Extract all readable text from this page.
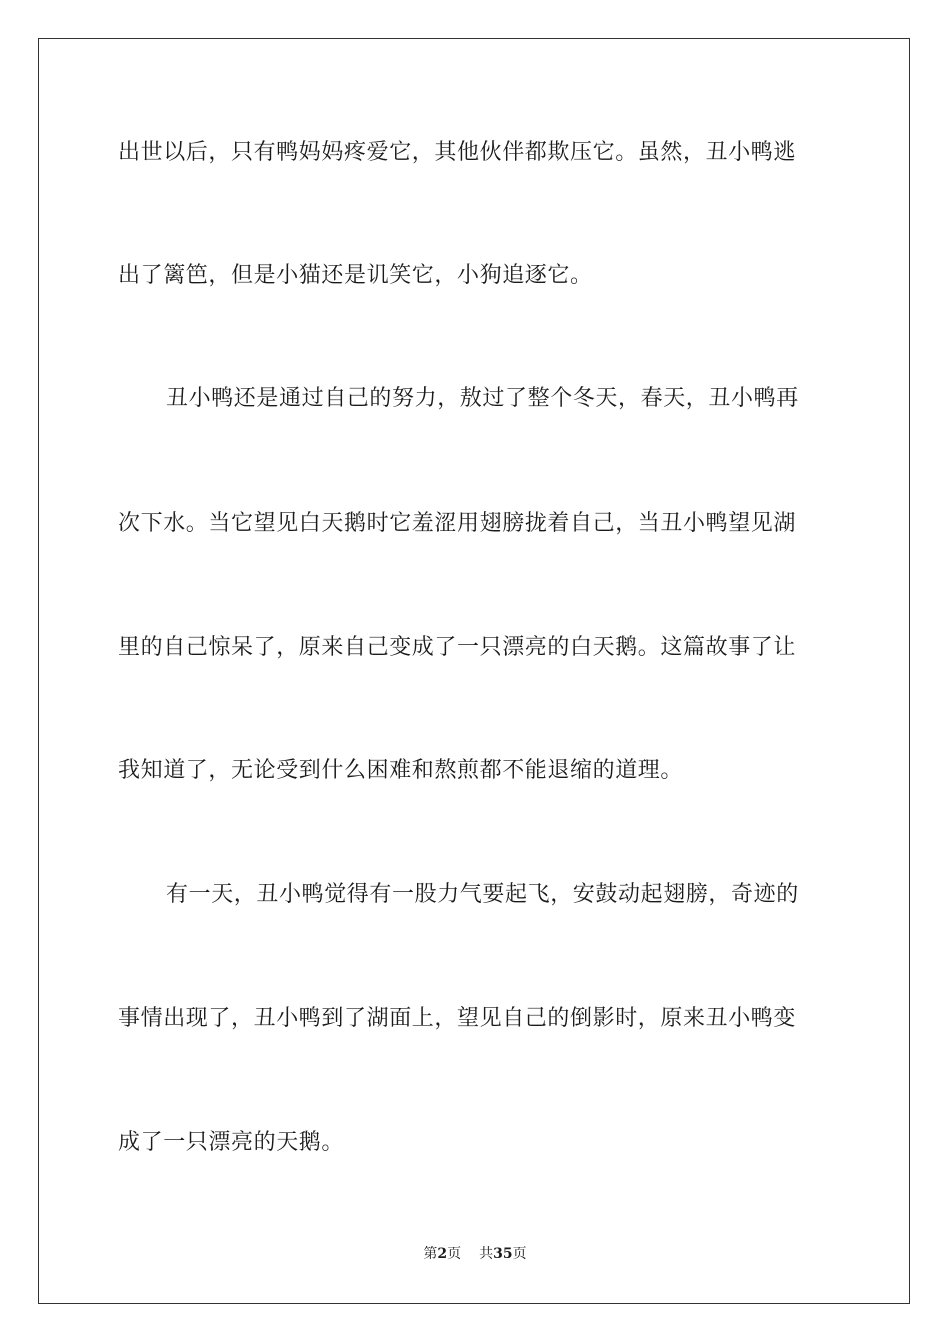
出世以后，只有鸭妈妈疼爱它，其他伙伴都欺压它。虽然，丑小鸭逃
出了篱笆，但是小猫还是讥笑它，小狗追逐它。
丑小鸭还是通过自己的努力，敖过了整个冬天，春天，丑小鸭再
次下水。当它望见白天鹅时它羞涩用翅膀拢着自己，当丑小鸭望见湖
里的自己惊呆了，原来自己变成了一只漂亮的白天鹅。这篇故事了让
我知道了，无论受到什么困难和熬煎都不能退缩的道理。
有一天，丑小鸭觉得有一股力气要起飞，安鼓动起翅膀，奇迹的
事情出现了，丑小鸭到了湖面上，望见自己的倒影时，原来丑小鸭变
成了一只漂亮的天鹅。
第2页 共35页
